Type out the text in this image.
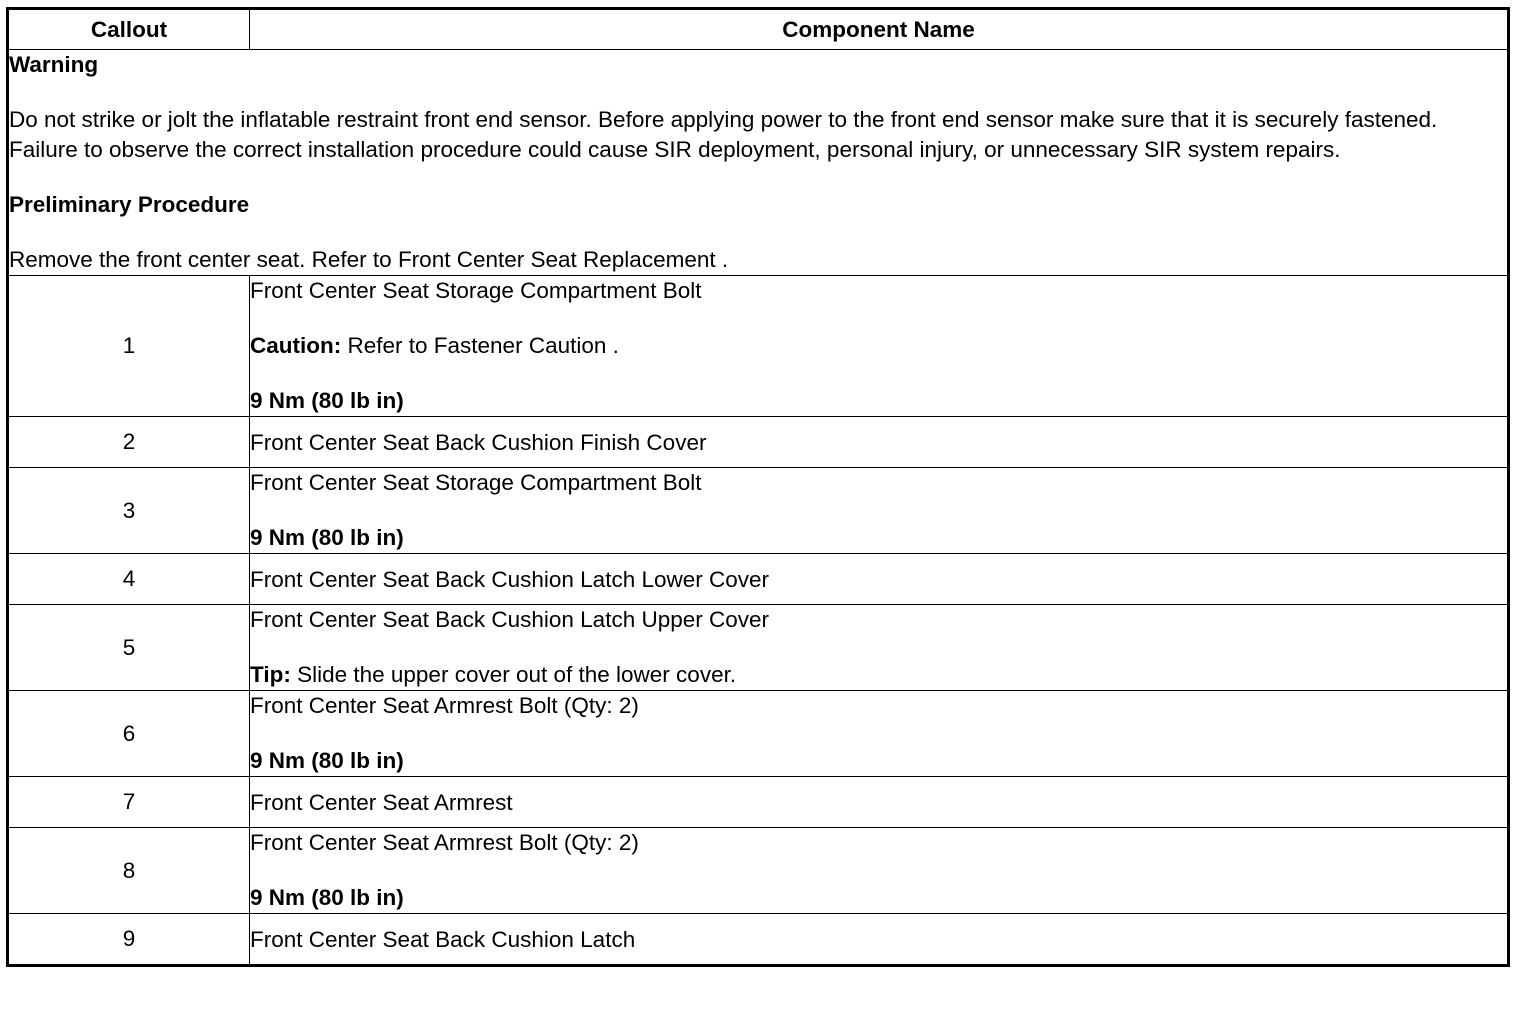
Callout	Component Name

Warning

Do not strike or jolt the inflatable restraint front end sensor. Before applying power to the front end sensor make sure that it is securely fastened. Failure to observe the correct installation procedure could cause SIR deployment, personal injury, or unnecessary SIR system repairs.

Preliminary Procedure

Remove the front center seat. Refer to Front Center Seat Replacement .	

1	Front Center Seat Storage Compartment Bolt

Caution: Refer to Fastener Caution .

9 Nm (80 lb in)

2	Front Center Seat Back Cushion Finish Cover

3	Front Center Seat Storage Compartment Bolt

9 Nm (80 lb in)

4	Front Center Seat Back Cushion Latch Lower Cover

5	Front Center Seat Back Cushion Latch Upper Cover

Tip: Slide the upper cover out of the lower cover.

6	Front Center Seat Armrest Bolt (Qty: 2)

9 Nm (80 lb in)

7	Front Center Seat Armrest

8	Front Center Seat Armrest Bolt (Qty: 2)

9 Nm (80 lb in)

9	Front Center Seat Back Cushion Latch
